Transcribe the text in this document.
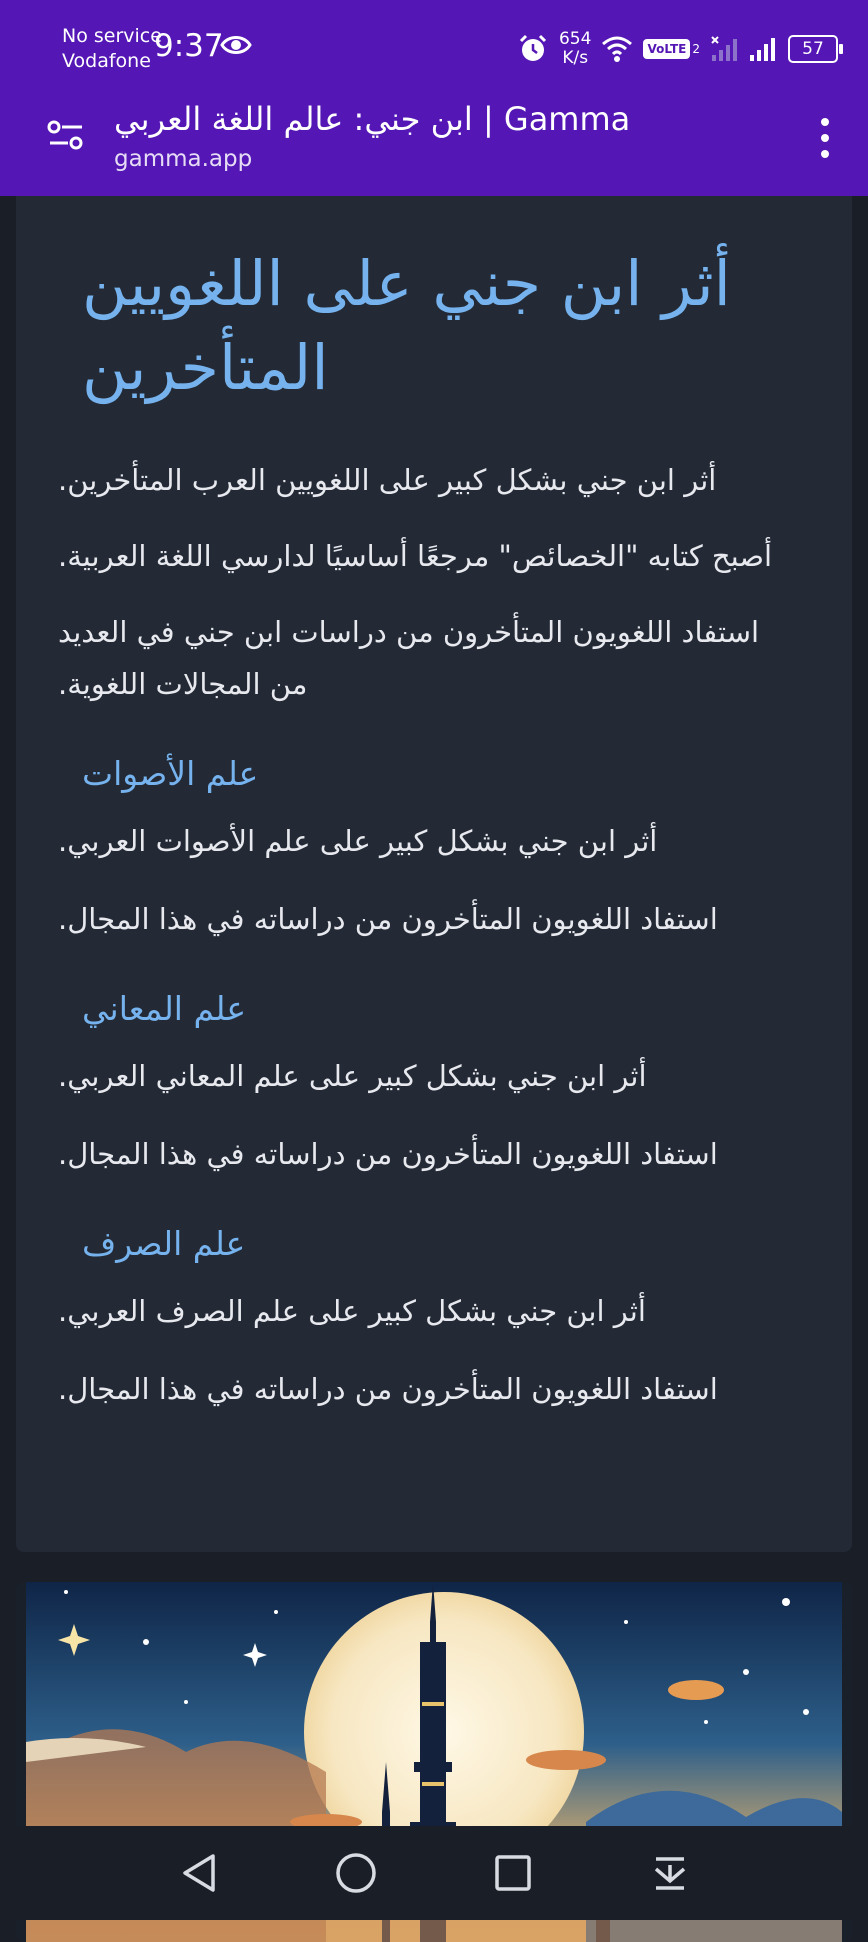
No service
Vodafone 9:37	654
K/s	VoLTE 2	57
ابن جني: عالم اللغة العربي | Gamma
gamma.app
أثر ابن جني على اللغويين المتأخرين

أثر ابن جني بشكل كبير على اللغويين العرب المتأخرين.

أصبح كتابه "الخصائص" مرجعًا أساسيًا لدارسي اللغة العربية.

استفاد اللغويون المتأخرون من دراسات ابن جني في العديد من المجالات اللغوية.

علم الأصوات

أثر ابن جني بشكل كبير على علم الأصوات العربي.

استفاد اللغويون المتأخرون من دراساته في هذا المجال.

علم المعاني

أثر ابن جني بشكل كبير على علم المعاني العربي.

استفاد اللغويون المتأخرون من دراساته في هذا المجال.

علم الصرف

أثر ابن جني بشكل كبير على علم الصرف العربي.

استفاد اللغويون المتأخرون من دراساته في هذا المجال.
